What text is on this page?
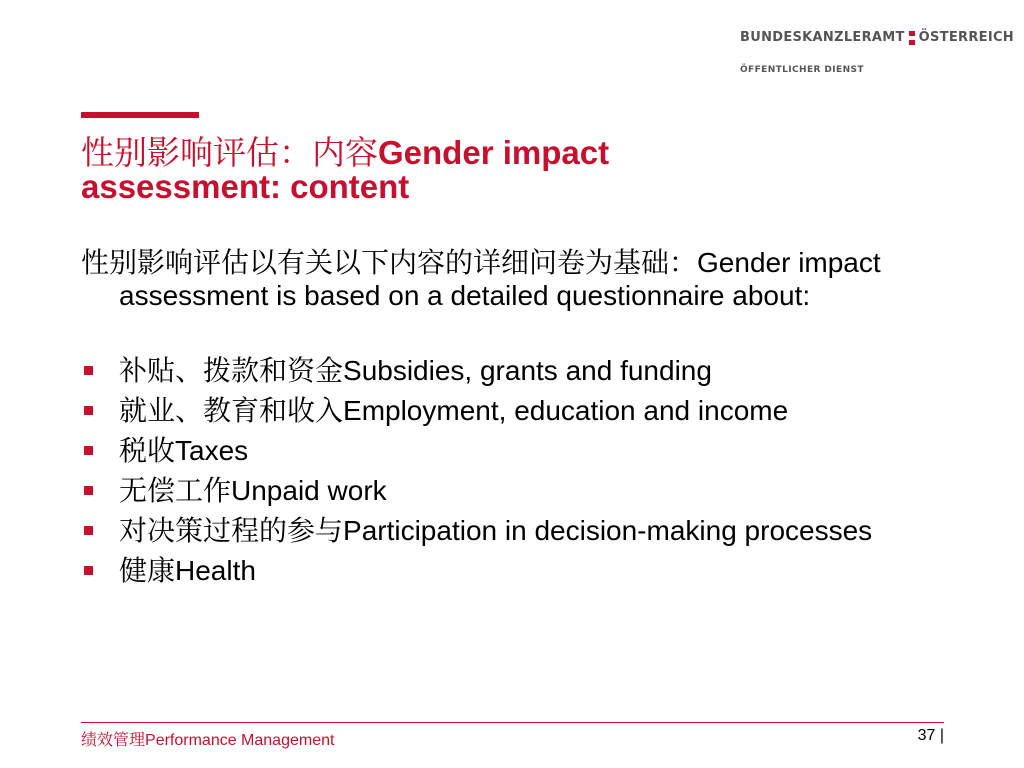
BUNDESKANZLERAMT ÖSTERREICH
ÖFFENTLICHER DIENST
性别影响评估：内容Gender impact assessment: content

性别影响评估以有关以下内容的详细问卷为基础：Gender impact assessment is based on a detailed questionnaire about:

补贴、拨款和资金Subsidies, grants and funding
就业、教育和收入Employment, education and income
税收Taxes
无偿工作Unpaid work
对决策过程的参与Participation in decision-making processes
健康Health
绩效管理Performance Management	37 |
